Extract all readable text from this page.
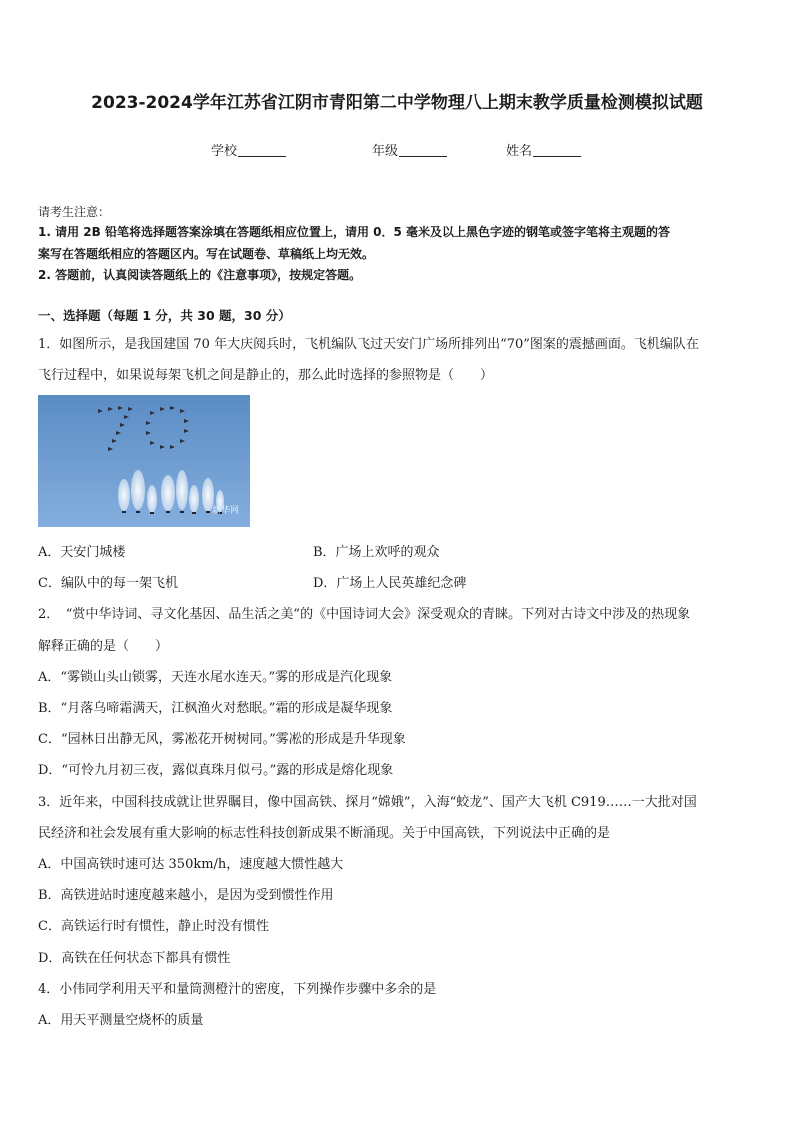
2023-2024学年江苏省江阴市青阳第二中学物理八上期末教学质量检测模拟试题
学校	年级	姓名
请考生注意：
1. 请用 2B 铅笔将选择题答案涂填在答题纸相应位置上，请用 0．5 毫米及以上黑色字迹的钢笔或签字笔将主观题的答
案写在答题纸相应的答题区内。写在试题卷、草稿纸上均无效。
2. 答题前，认真阅读答题纸上的《注意事项》，按规定答题。
一、选择题（每题 1 分，共 30 题，30 分）
1．如图所示，是我国建国 70 年大庆阅兵时，飞机编队飞过天安门广场所排列出“70”图案的震撼画面。飞机编队在
飞行过程中，如果说每架飞机之间是静止的，那么此时选择的参照物是（　　）
新华网
A．天安门城楼	B．广场上欢呼的观众
C．编队中的每一架飞机	D．广场上人民英雄纪念碑
2．　“赏中华诗词、寻文化基因、品生活之美”的《中国诗词大会》深受观众的青睐。下列对古诗文中涉及的热现象
解释正确的是（　　）
A．“雾锁山头山锁雾，天连水尾水连天。”雾的形成是汽化现象
B．“月落乌啼霜满天，江枫渔火对愁眠。”霜的形成是凝华现象
C．“园林日出静无风，雾凇花开树树同。”雾凇的形成是升华现象
D．“可怜九月初三夜，露似真珠月似弓。”露的形成是熔化现象
3．近年来，中国科技成就让世界瞩目，像中国高铁、探月“嫦娥”，入海“蛟龙”、国产大飞机 C919……一大批对国
民经济和社会发展有重大影响的标志性科技创新成果不断涌现。关于中国高铁，下列说法中正确的是
A．中国高铁时速可达 350km/h，速度越大惯性越大
B．高铁进站时速度越来越小，是因为受到惯性作用
C．高铁运行时有惯性，静止时没有惯性
D．高铁在任何状态下都具有惯性
4．小伟同学利用天平和量筒测橙汁的密度，下列操作步骤中多余的是
A．用天平测量空烧杯的质量
